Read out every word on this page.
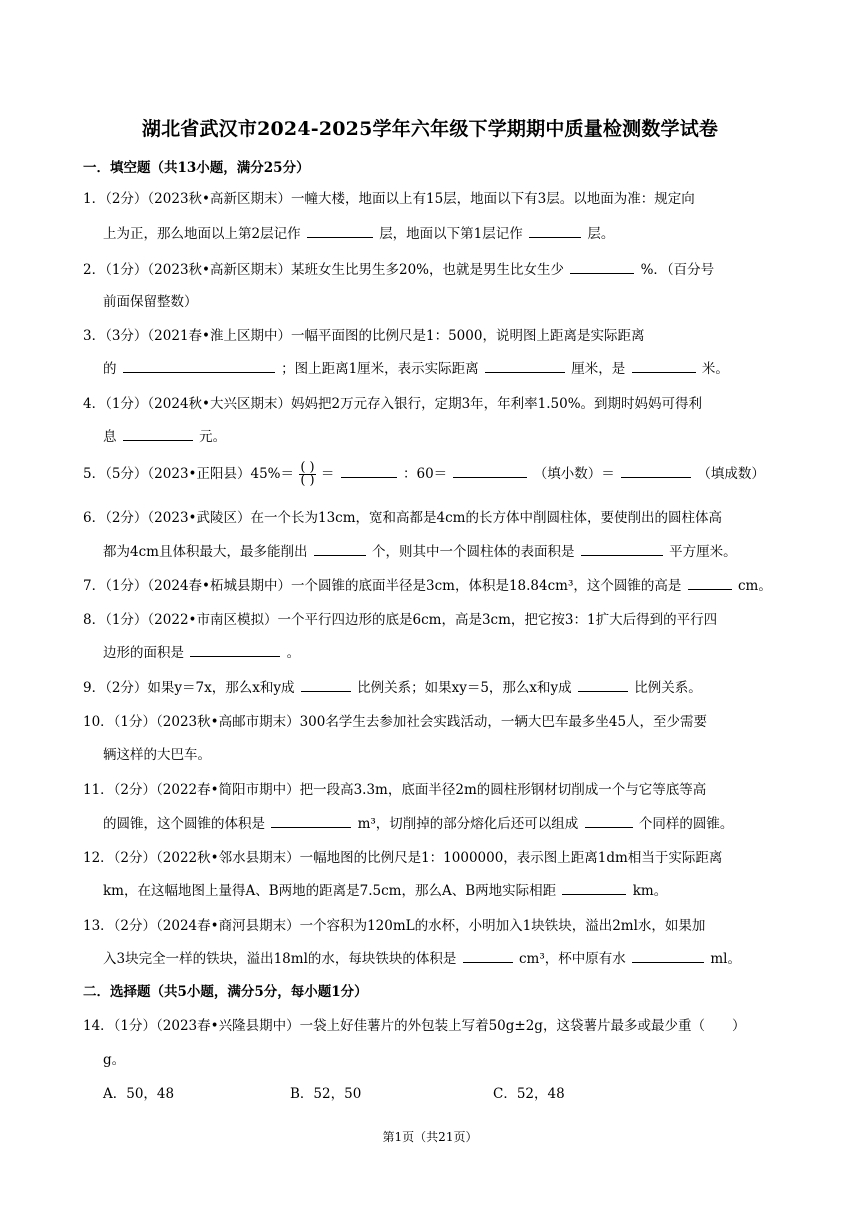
湖北省武汉市2024-2025学年六年级下学期期中质量检测数学试卷
一．填空题（共13小题，满分25分）
1．（2分）（2023秋•高新区期末）一幢大楼，地面以上有15层，地面以下有3层。以地面为准：规定向
上为正，那么地面以上第2层记作	层，地面以下第1层记作	层。
2．（1分）（2023秋•高新区期末）某班女生比男生多20%，也就是男生比女生少	%．（百分号
前面保留整数）
3．（3分）（2021春•淮上区期中）一幅平面图的比例尺是1：5000，说明图上距离是实际距离
的	；图上距离1厘米，表示实际距离	厘米，是	米。
4．（1分）（2024秋•大兴区期末）妈妈把2万元存入银行，定期3年，年利率1.50%。到期时妈妈可得利
息	元。
5．（5分）（2023•正阳县）$45\%= \frac{( )}{( )}$ ＝	：60＝	（填小数）＝	（填成数）
6．（2分）（2023•武陵区）在一个长为13cm，宽和高都是4cm的长方体中削圆柱体，要使削出的圆柱体高
都为4cm且体积最大，最多能削出	个，则其中一个圆柱体的表面积是	平方厘米。
7．（1分）（2024春•柘城县期中）一个圆锥的底面半径是3cm，体积是18.84cm³，这个圆锥的高是	cm。
8．（1分）（2022•市南区模拟）一个平行四边形的底是6cm，高是3cm，把它按3：1扩大后得到的平行四
边形的面积是	。
9．（2分）如果y＝7x，那么x和y成	比例关系；如果xy＝5，那么x和y成	比例关系。
10．（1分）（2023秋•高邮市期末）300名学生去参加社会实践活动，一辆大巴车最多坐45人，至少需要
辆这样的大巴车。
11．（2分）（2022春•简阳市期中）把一段高3.3m，底面半径2m的圆柱形钢材切削成一个与它等底等高
的圆锥，这个圆锥的体积是	m³，切削掉的部分熔化后还可以组成	个同样的圆锥。
12．（2分）（2022秋•邻水县期末）一幅地图的比例尺是1：1000000，表示图上距离1dm相当于实际距离
km，在这幅地图上量得A、B两地的距离是7.5cm，那么A、B两地实际相距	km。
13．（2分）（2024春•商河县期末）一个容积为120mL的水杯，小明加入1块铁块，溢出2ml水，如果加
入3块完全一样的铁块，溢出18ml的水，每块铁块的体积是	cm³，杯中原有水	ml。
二．选择题（共5小题，满分5分，每小题1分）
14．（1分）（2023春•兴隆县期中）一袋上好佳薯片的外包装上写着50g±2g，这袋薯片最多或最少重（　　）
g。
A．50，48	B．52，50	C．52，48
第1页（共21页）
